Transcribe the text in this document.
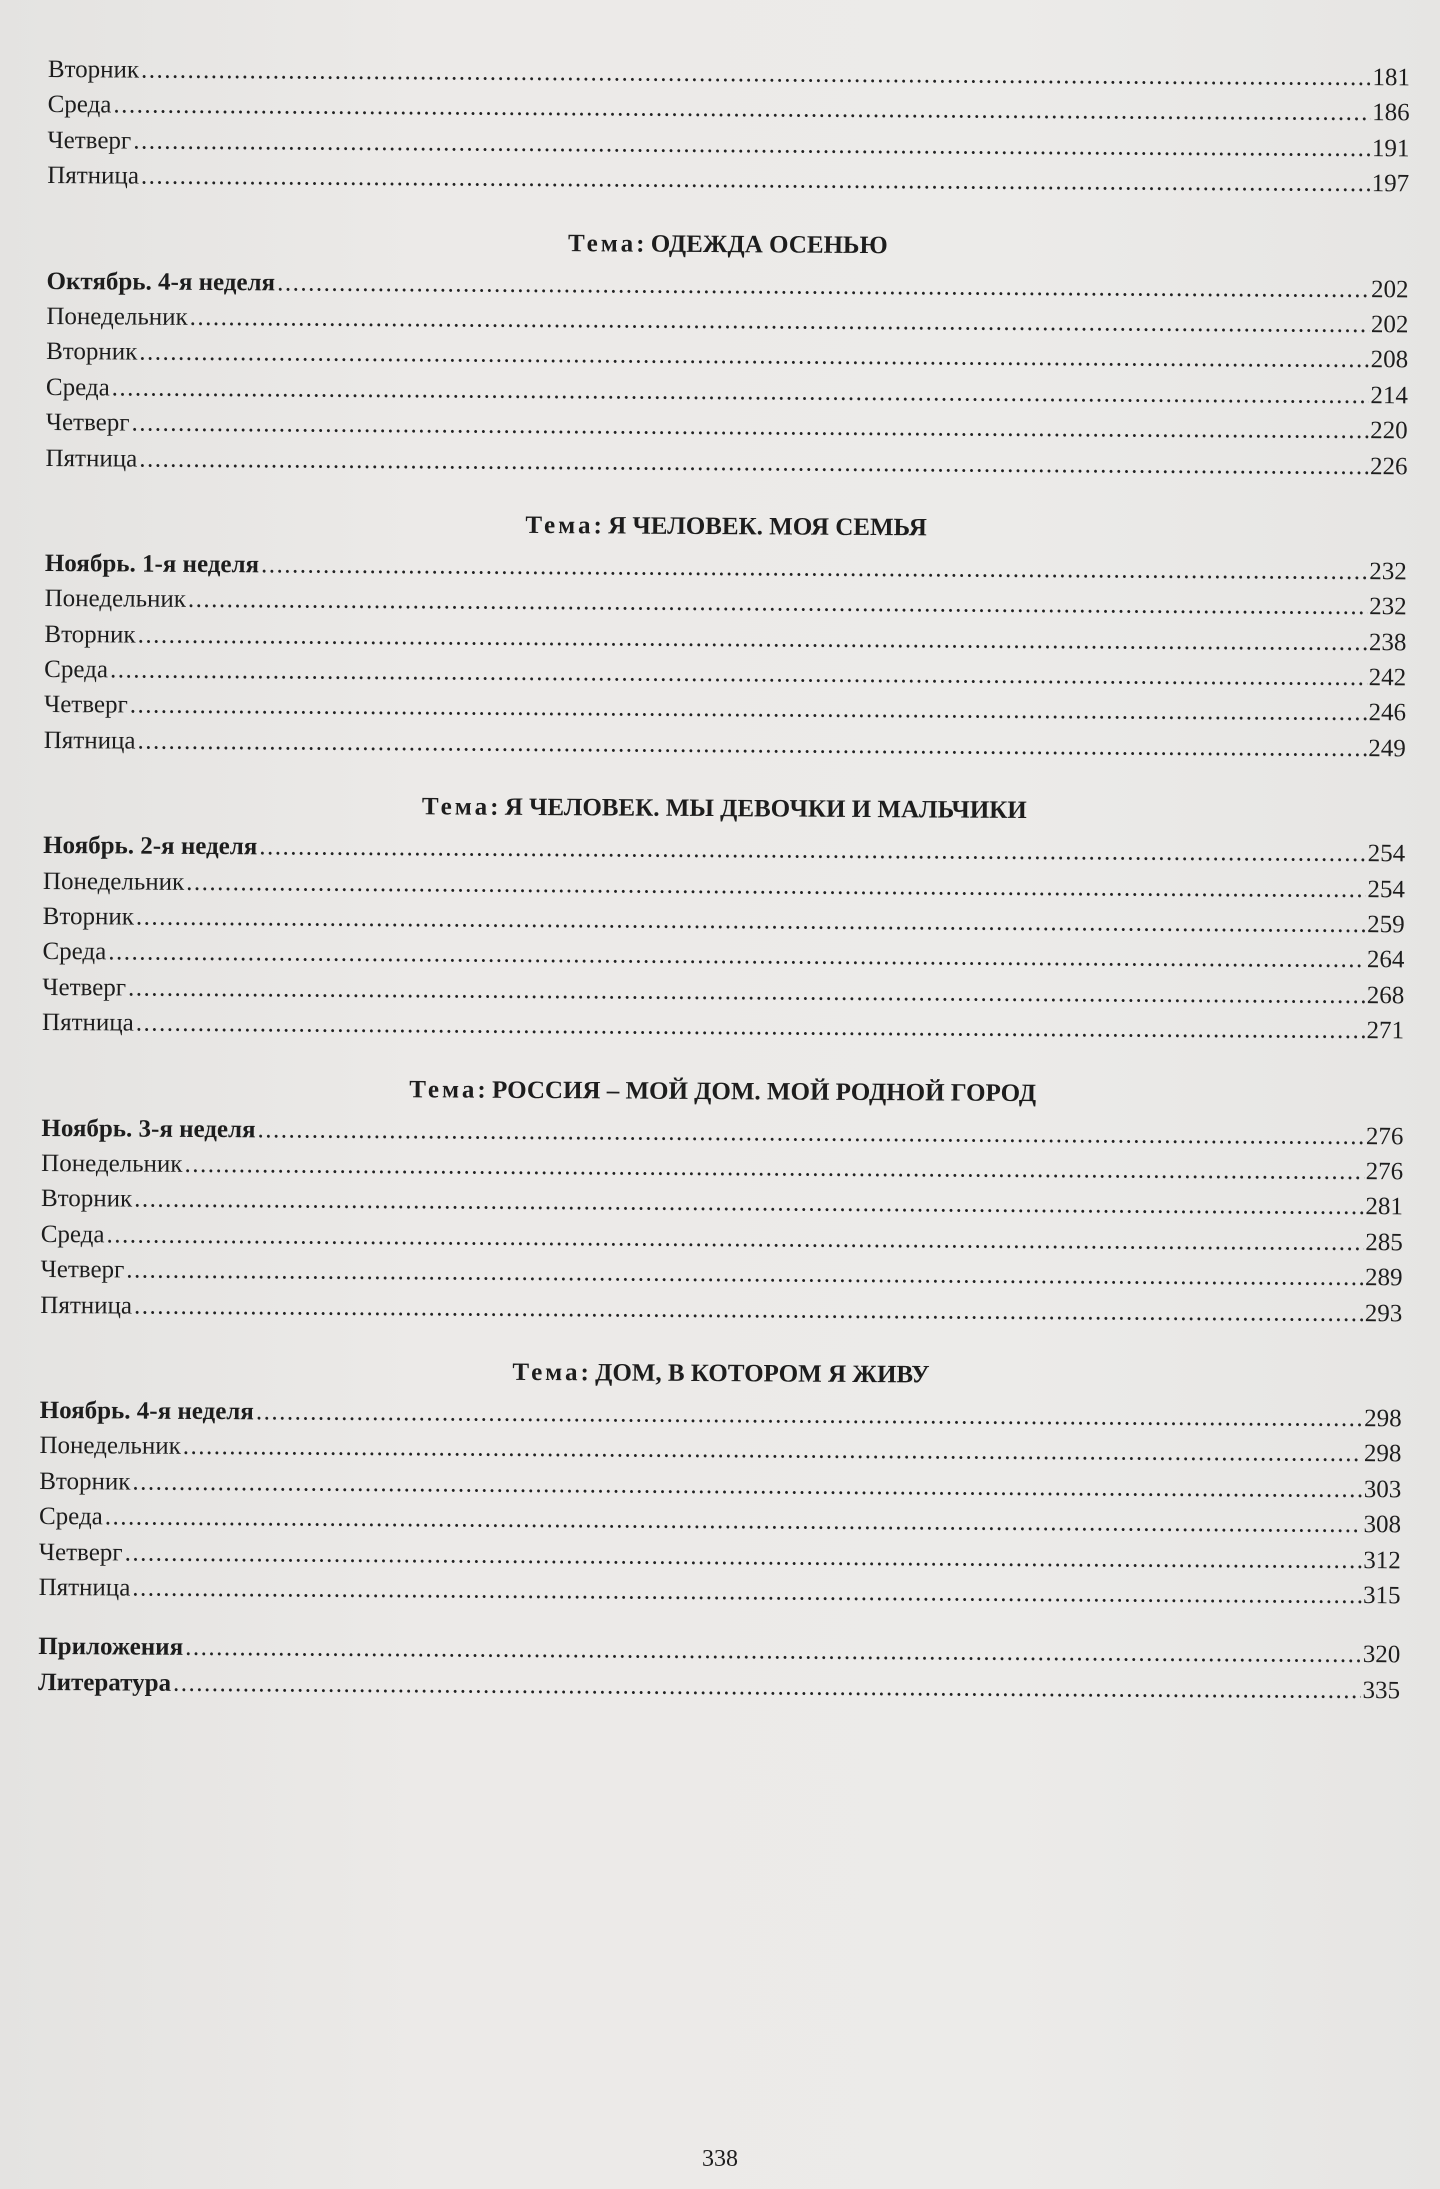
Вторник .....	181
Среда .....	186
Четверг .....	191
Пятница .....	197
Тема: ОДЕЖДА ОСЕНЬЮ
Октябрь. 4-я неделя .....	202
Понедельник .....	202
Вторник .....	208
Среда .....	214
Четверг .....	220
Пятница .....	226
Тема: Я ЧЕЛОВЕК. МОЯ СЕМЬЯ
Ноябрь. 1-я неделя .....	232
Понедельник .....	232
Вторник .....	238
Среда .....	242
Четверг .....	246
Пятница .....	249
Тема: Я ЧЕЛОВЕК. МЫ ДЕВОЧКИ И МАЛЬЧИКИ
Ноябрь. 2-я неделя .....	254
Понедельник .....	254
Вторник .....	259
Среда .....	264
Четверг .....	268
Пятница .....	271
Тема: РОССИЯ – МОЙ ДОМ. МОЙ РОДНОЙ ГОРОД
Ноябрь. 3-я неделя .....	276
Понедельник .....	276
Вторник .....	281
Среда .....	285
Четверг .....	289
Пятница .....	293
Тема: ДОМ, В КОТОРОМ Я ЖИВУ
Ноябрь. 4-я неделя .....	298
Понедельник .....	298
Вторник .....	303
Среда .....	308
Четверг .....	312
Пятница .....	315
Приложения .....	320
Литература .....	335
338
